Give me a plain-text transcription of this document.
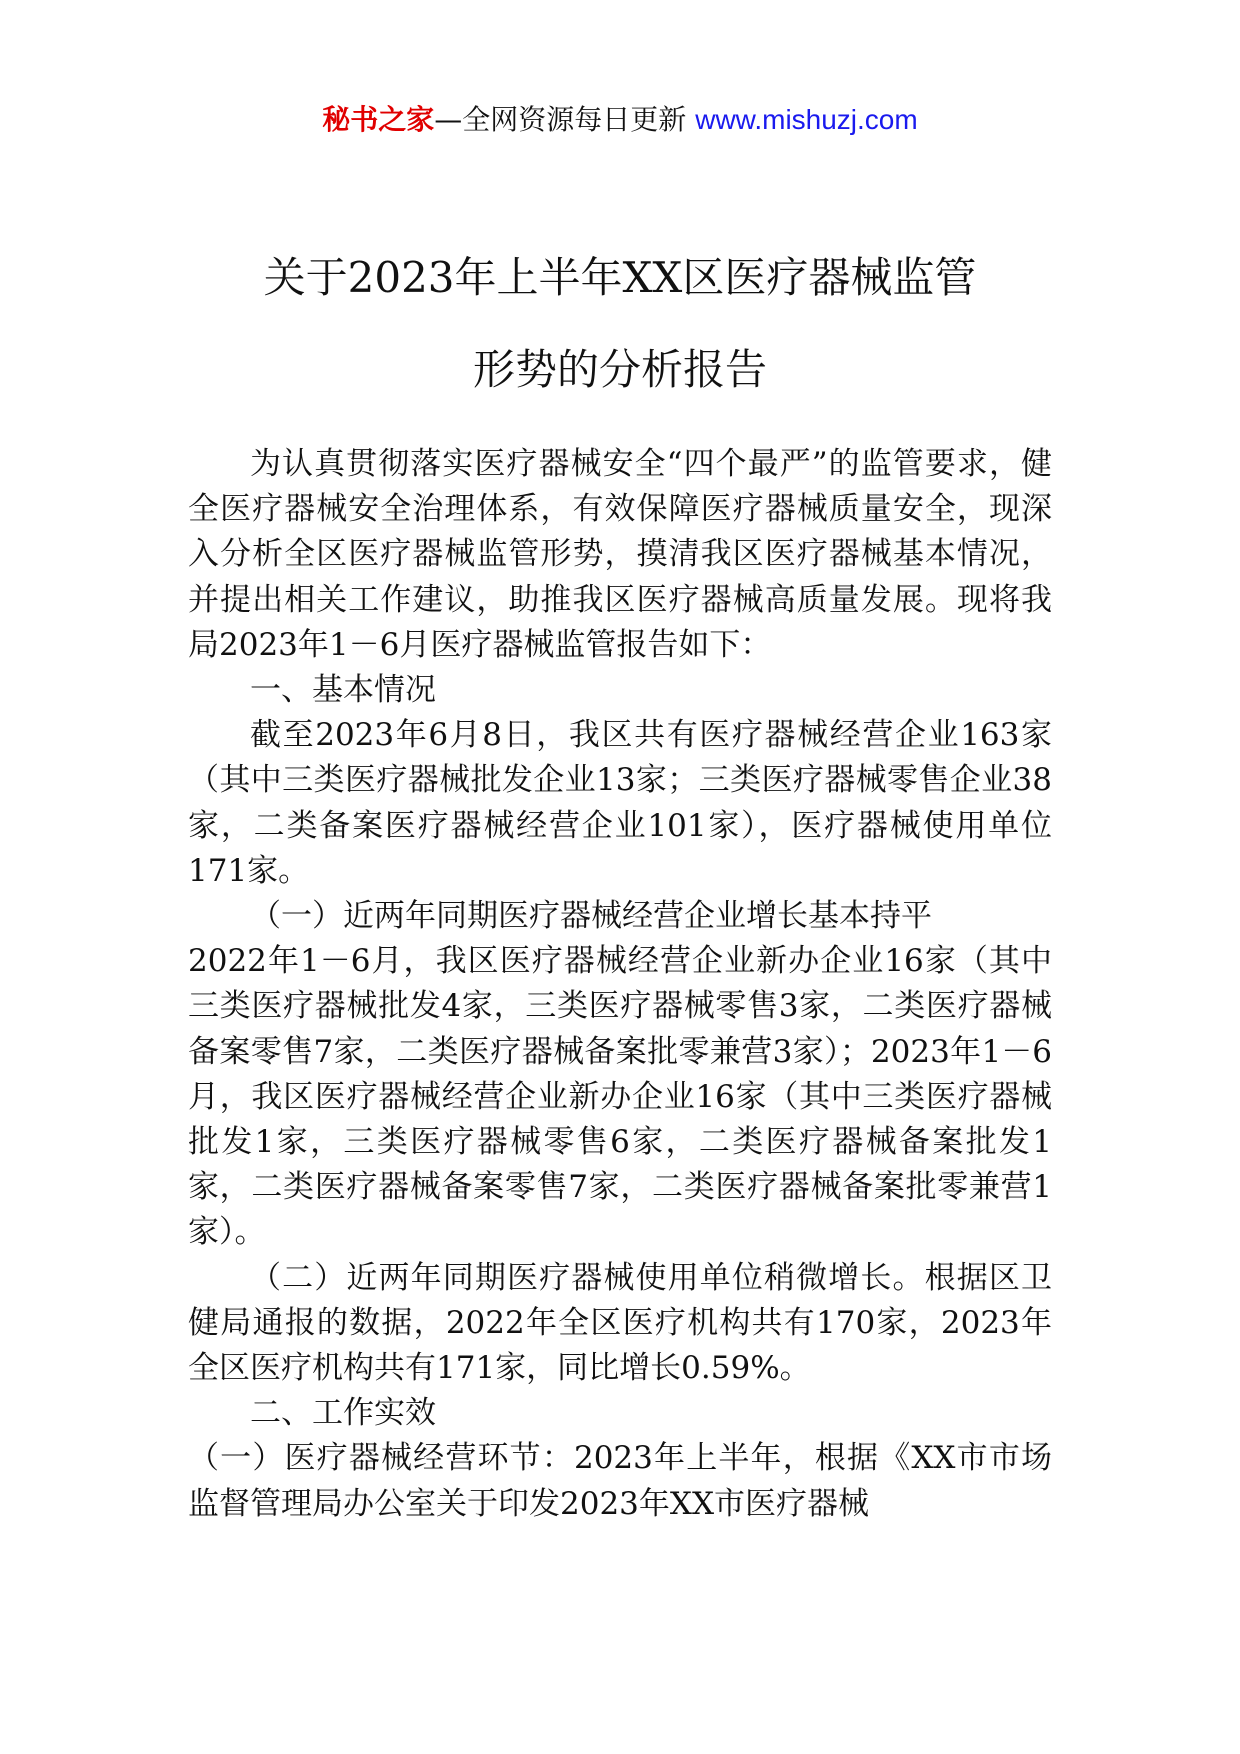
秘书之家—全网资源每日更新 www.mishuzj.com
关于2023年上半年XX区医疗器械监管
形势的分析报告

为认真贯彻落实医疗器械安全“四个最严”的监管要求，健全医疗器械安全治理体系，有效保障医疗器械质量安全，现深入分析全区医疗器械监管形势，摸清我区医疗器械基本情况，并提出相关工作建议，助推我区医疗器械高质量发展。现将我局2023年1－6月医疗器械监管报告如下：

一、基本情况

截至2023年6月8日，我区共有医疗器械经营企业163家（其中三类医疗器械批发企业13家；三类医疗器械零售企业38家，二类备案医疗器械经营企业101家），医疗器械使用单位171家。

（一）近两年同期医疗器械经营企业增长基本持平

2022年1－6月，我区医疗器械经营企业新办企业16家（其中三类医疗器械批发4家，三类医疗器械零售3家，二类医疗器械备案零售7家，二类医疗器械备案批零兼营3家）；2023年1－6月，我区医疗器械经营企业新办企业16家（其中三类医疗器械批发1家，三类医疗器械零售6家，二类医疗器械备案批发1家，二类医疗器械备案零售7家，二类医疗器械备案批零兼营1家）。

（二）近两年同期医疗器械使用单位稍微增长。根据区卫健局通报的数据，2022年全区医疗机构共有170家，2023年全区医疗机构共有171家，同比增长0.59%。

二、工作实效

（一）医疗器械经营环节：2023年上半年，根据《XX市市场监督管理局办公室关于印发2023年XX市医疗器械
